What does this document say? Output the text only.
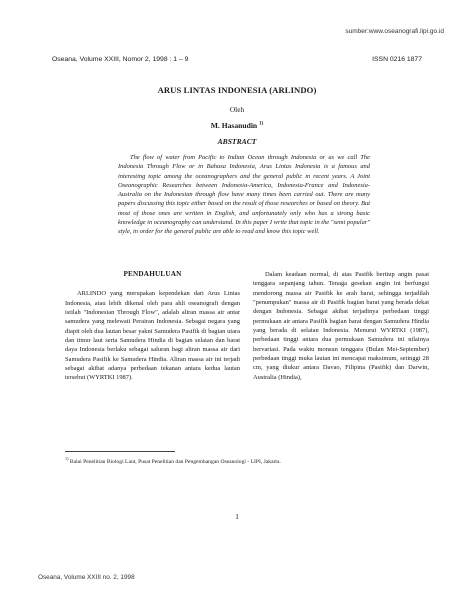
sumber:www.oseanografi.lipi.go.id
Oseana, Volume XXIII, Nomor 2, 1998 : 1 – 9	ISSN 0216 1877
ARUS LINTAS INDONESIA (ARLINDO)
Oleh
M. Hasanudin $^{1)}$
ABSTRACT

The flow of water from Pacific to Indian Ocean through Indonesia or as we call The Indonesia Through Flow or in Bahasa Indonesia, Arus Lintas Indonesia is a famous and interesting topic among the oceanographers and the general public in recent years. A Joint Oseanographic Researches between Indonesia-America, Indonesia-France and Indonesia-Australia on the Indonesian through flow have many times been carried out. There are many papers discussing this topic either based on the result of those researches or based on theory. But most of those ones are written in English, and unfortunately only who has a strong basic knowledge in oceanography can understand. In this paper I write that topic in the "semi popular" style, in order for the general public are able to read and know this topic well.

PENDAHULUAN

ARLINDO yang merupakan kependekan dari Arus Lintas Indonesia, atau lebih dikenal oleh para ahli oseanografi dengan istilah "Indonesian Through Flow", adalah aliran massa air antar samudera yang melewati Perairan Indonesia. Sebagai negara yang diapit oleh dua lautan besar yakni Samudera Pasifik di bagian utara dan timur laut serta Samudera Hindia di bagian selatan dan barat daya Indonesia berlaku sebagai saluran bagi aliran massa air dari Samudera Pasifik ke Samudera Hindia. Aliran massa air ini terjadi sebagai akibat adanya perbedaan tekanan antara kedua lautan tersebut (WYRTKI 1987).

Dalam keadaan normal, di atas Pasifik bertiup angin pasat tenggara sepanjang tahun. Tenaga gesekan angin ini berfungsi mendorong massa air Pasifik ke arah barat, sehingga terjadilah "penumpukan" massa air di Pasifik bagian barat yang berada dekat dengan Indonesia. Sebagai akibat terjadinya perbedaan tinggi permukaan air antara Pasifik bagian barat dengan Samudera Hindia yang berada di selatan Indonesia. Menurut WYRTKI (1987), perbedaan tinggi antara dua permukaan Samudera ini nilainya bervariasi. Pada waktu monsun tenggara (Bulan Mei-September) perbedaan tinggi muka lautan ini mencapai maksimum, setinggi 28 cm, yang diukur antara Davao, Filipina (Pasifik) dan Darwin, Australia (Hindia),

$^{1)}$ Balai Penelitian Biologi Laut, Pusat Penelitian dan Pengembangan Oseanologi - LIPI, Jakarta.
1
Oseana, Volume XXIII no. 2, 1998
